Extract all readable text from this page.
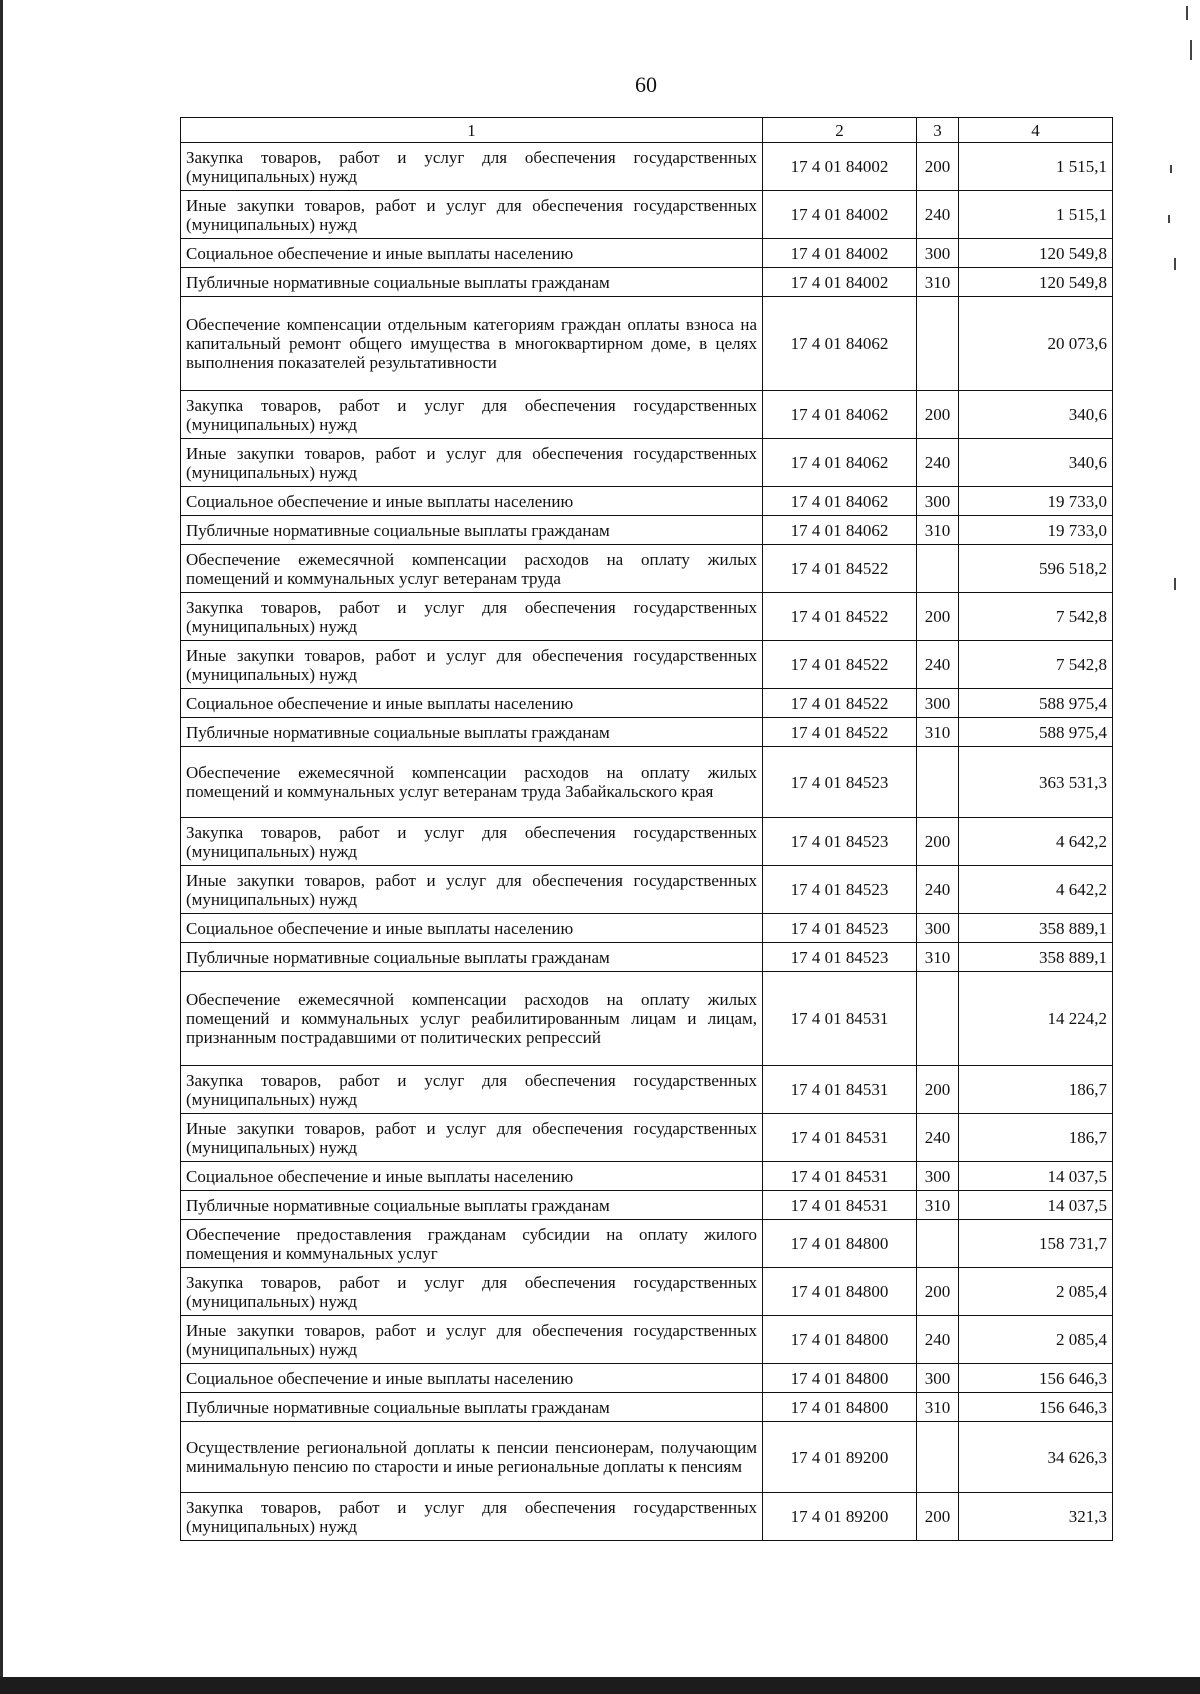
60
1	2	3	4
Закупка товаров, работ и услуг для обеспечения государственных (муниципальных) нужд	17 4 01 84002	200	1 515,1
Иные закупки товаров, работ и услуг для обеспечения государственных (муниципальных) нужд	17 4 01 84002	240	1 515,1
Социальное обеспечение и иные выплаты населению	17 4 01 84002	300	120 549,8
Публичные нормативные социальные выплаты гражданам	17 4 01 84002	310	120 549,8
Обеспечение компенсации отдельным категориям граждан оплаты взноса на капитальный ремонт общего имущества в многоквартирном доме, в целях выполнения показателей результативности	17 4 01 84062		20 073,6
Закупка товаров, работ и услуг для обеспечения государственных (муниципальных) нужд	17 4 01 84062	200	340,6
Иные закупки товаров, работ и услуг для обеспечения государственных (муниципальных) нужд	17 4 01 84062	240	340,6
Социальное обеспечение и иные выплаты населению	17 4 01 84062	300	19 733,0
Публичные нормативные социальные выплаты гражданам	17 4 01 84062	310	19 733,0
Обеспечение ежемесячной компенсации расходов на оплату жилых помещений и коммунальных услуг ветеранам труда	17 4 01 84522		596 518,2
Закупка товаров, работ и услуг для обеспечения государственных (муниципальных) нужд	17 4 01 84522	200	7 542,8
Иные закупки товаров, работ и услуг для обеспечения государственных (муниципальных) нужд	17 4 01 84522	240	7 542,8
Социальное обеспечение и иные выплаты населению	17 4 01 84522	300	588 975,4
Публичные нормативные социальные выплаты гражданам	17 4 01 84522	310	588 975,4
Обеспечение ежемесячной компенсации расходов на оплату жилых помещений и коммунальных услуг ветеранам труда Забайкальского края	17 4 01 84523		363 531,3
Закупка товаров, работ и услуг для обеспечения государственных (муниципальных) нужд	17 4 01 84523	200	4 642,2
Иные закупки товаров, работ и услуг для обеспечения государственных (муниципальных) нужд	17 4 01 84523	240	4 642,2
Социальное обеспечение и иные выплаты населению	17 4 01 84523	300	358 889,1
Публичные нормативные социальные выплаты гражданам	17 4 01 84523	310	358 889,1
Обеспечение ежемесячной компенсации расходов на оплату жилых помещений и коммунальных услуг реабилитированным лицам и лицам, признанным пострадавшими от политических репрессий	17 4 01 84531		14 224,2
Закупка товаров, работ и услуг для обеспечения государственных (муниципальных) нужд	17 4 01 84531	200	186,7
Иные закупки товаров, работ и услуг для обеспечения государственных (муниципальных) нужд	17 4 01 84531	240	186,7
Социальное обеспечение и иные выплаты населению	17 4 01 84531	300	14 037,5
Публичные нормативные социальные выплаты гражданам	17 4 01 84531	310	14 037,5
Обеспечение предоставления гражданам субсидии на оплату жилого помещения и коммунальных услуг	17 4 01 84800		158 731,7
Закупка товаров, работ и услуг для обеспечения государственных (муниципальных) нужд	17 4 01 84800	200	2 085,4
Иные закупки товаров, работ и услуг для обеспечения государственных (муниципальных) нужд	17 4 01 84800	240	2 085,4
Социальное обеспечение и иные выплаты населению	17 4 01 84800	300	156 646,3
Публичные нормативные социальные выплаты гражданам	17 4 01 84800	310	156 646,3
Осуществление региональной доплаты к пенсии пенсионерам, получающим минимальную пенсию по старости и иные региональные доплаты к пенсиям	17 4 01 89200		34 626,3
Закупка товаров, работ и услуг для обеспечения государственных (муниципальных) нужд	17 4 01 89200	200	321,3
